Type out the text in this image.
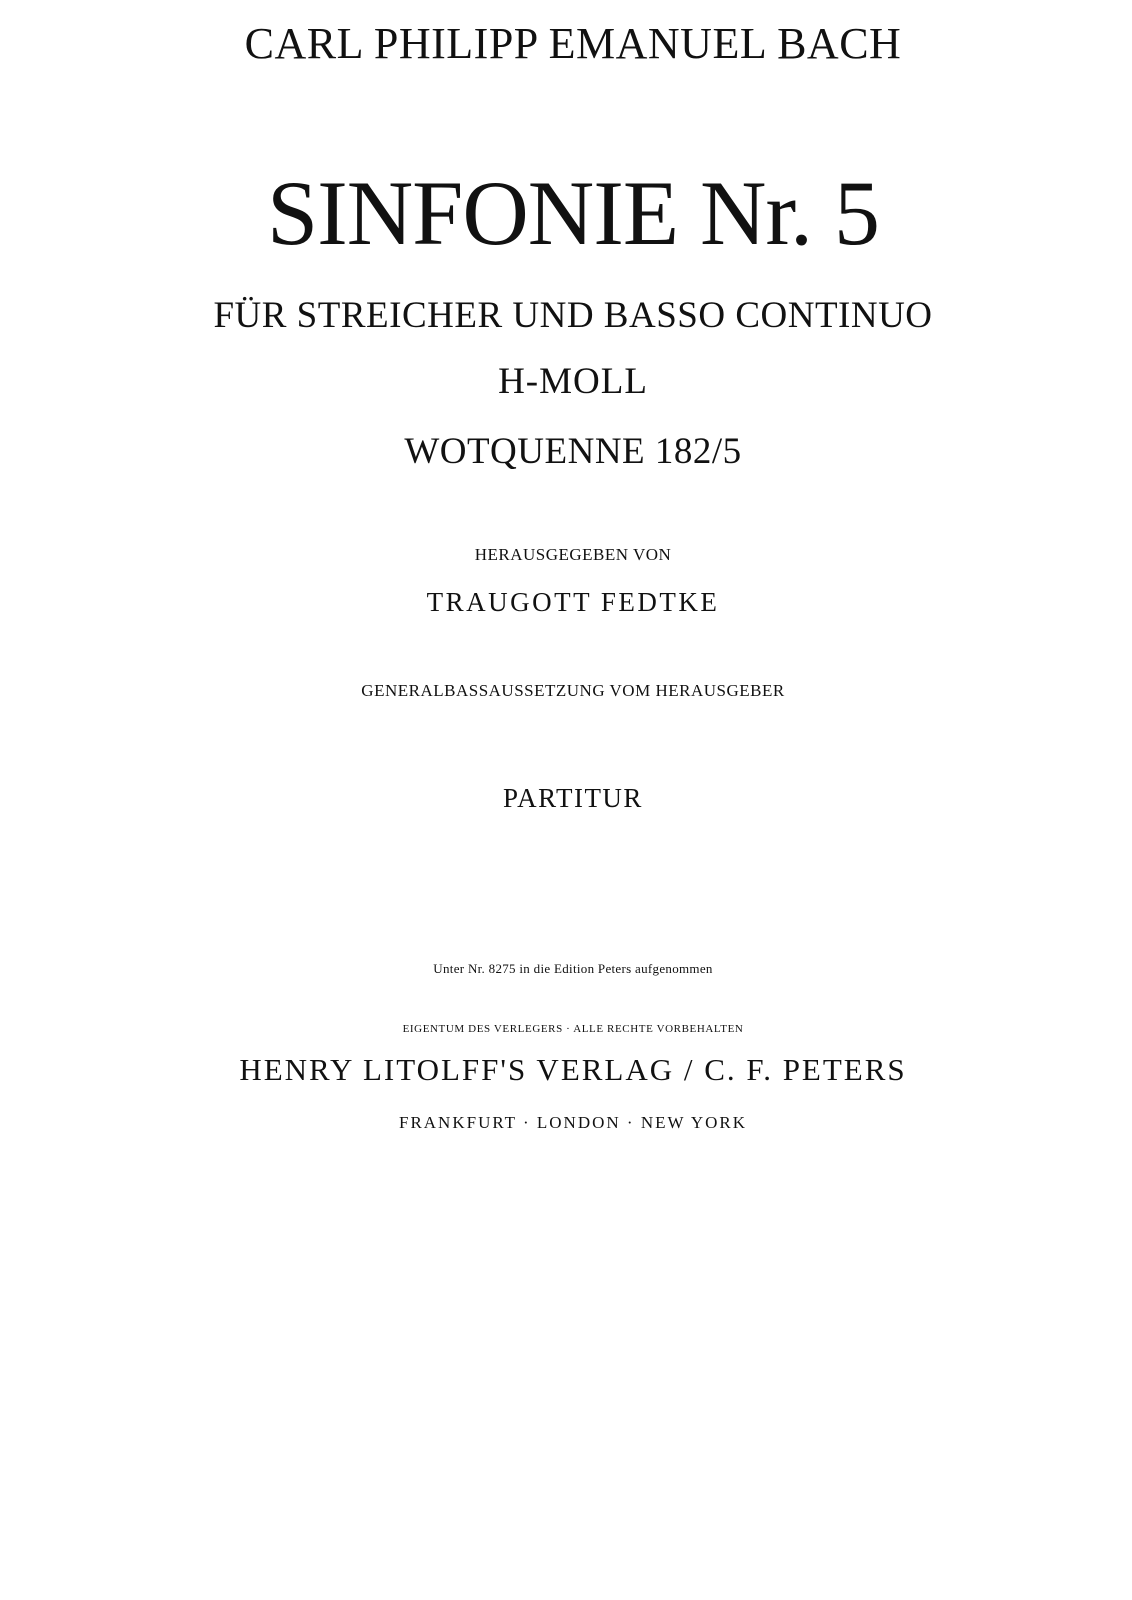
CARL PHILIPP EMANUEL BACH
SINFONIE Nr. 5
FÜR STREICHER UND BASSO CONTINUO
H-MOLL
WOTQUENNE 182/5
HERAUSGEGEBEN VON
TRAUGOTT FEDTKE
GENERALBASSAUSSETZUNG VOM HERAUSGEBER
PARTITUR
Unter Nr. 8275 in die Edition Peters aufgenommen
EIGENTUM DES VERLEGERS · ALLE RECHTE VORBEHALTEN
HENRY LITOLFF'S VERLAG / C. F. PETERS
FRANKFURT · LONDON · NEW YORK
